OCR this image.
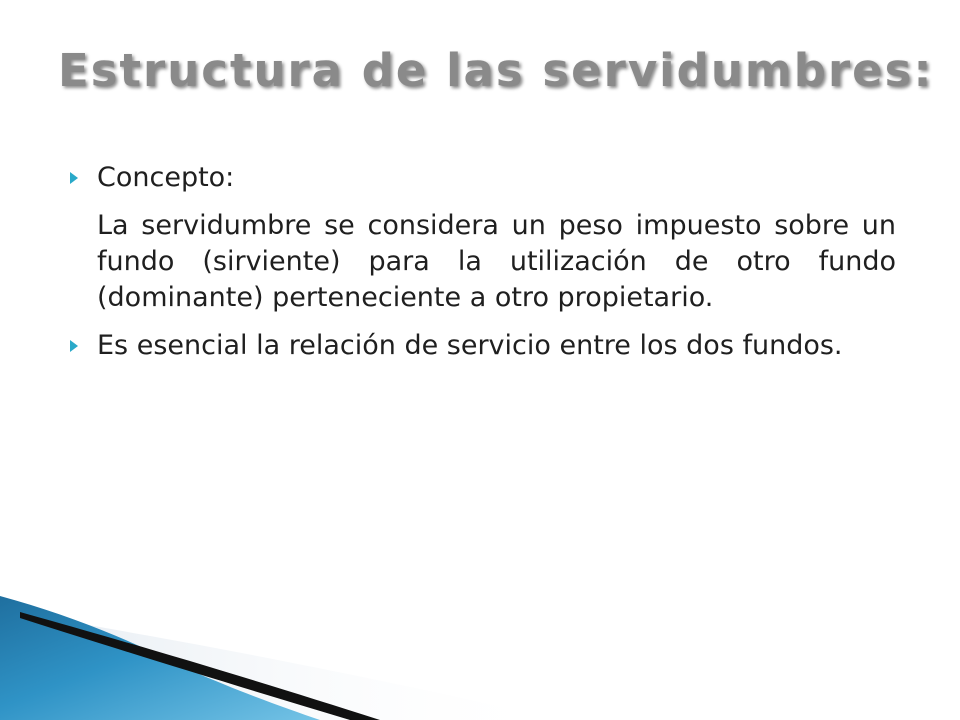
Estructura de las servidumbres:
Concepto:
La servidumbre se considera un peso impuesto sobre un fundo (sirviente) para la utilización de otro fundo (dominante) perteneciente a otro propietario.
Es esencial la relación de servicio entre los dos fundos.
